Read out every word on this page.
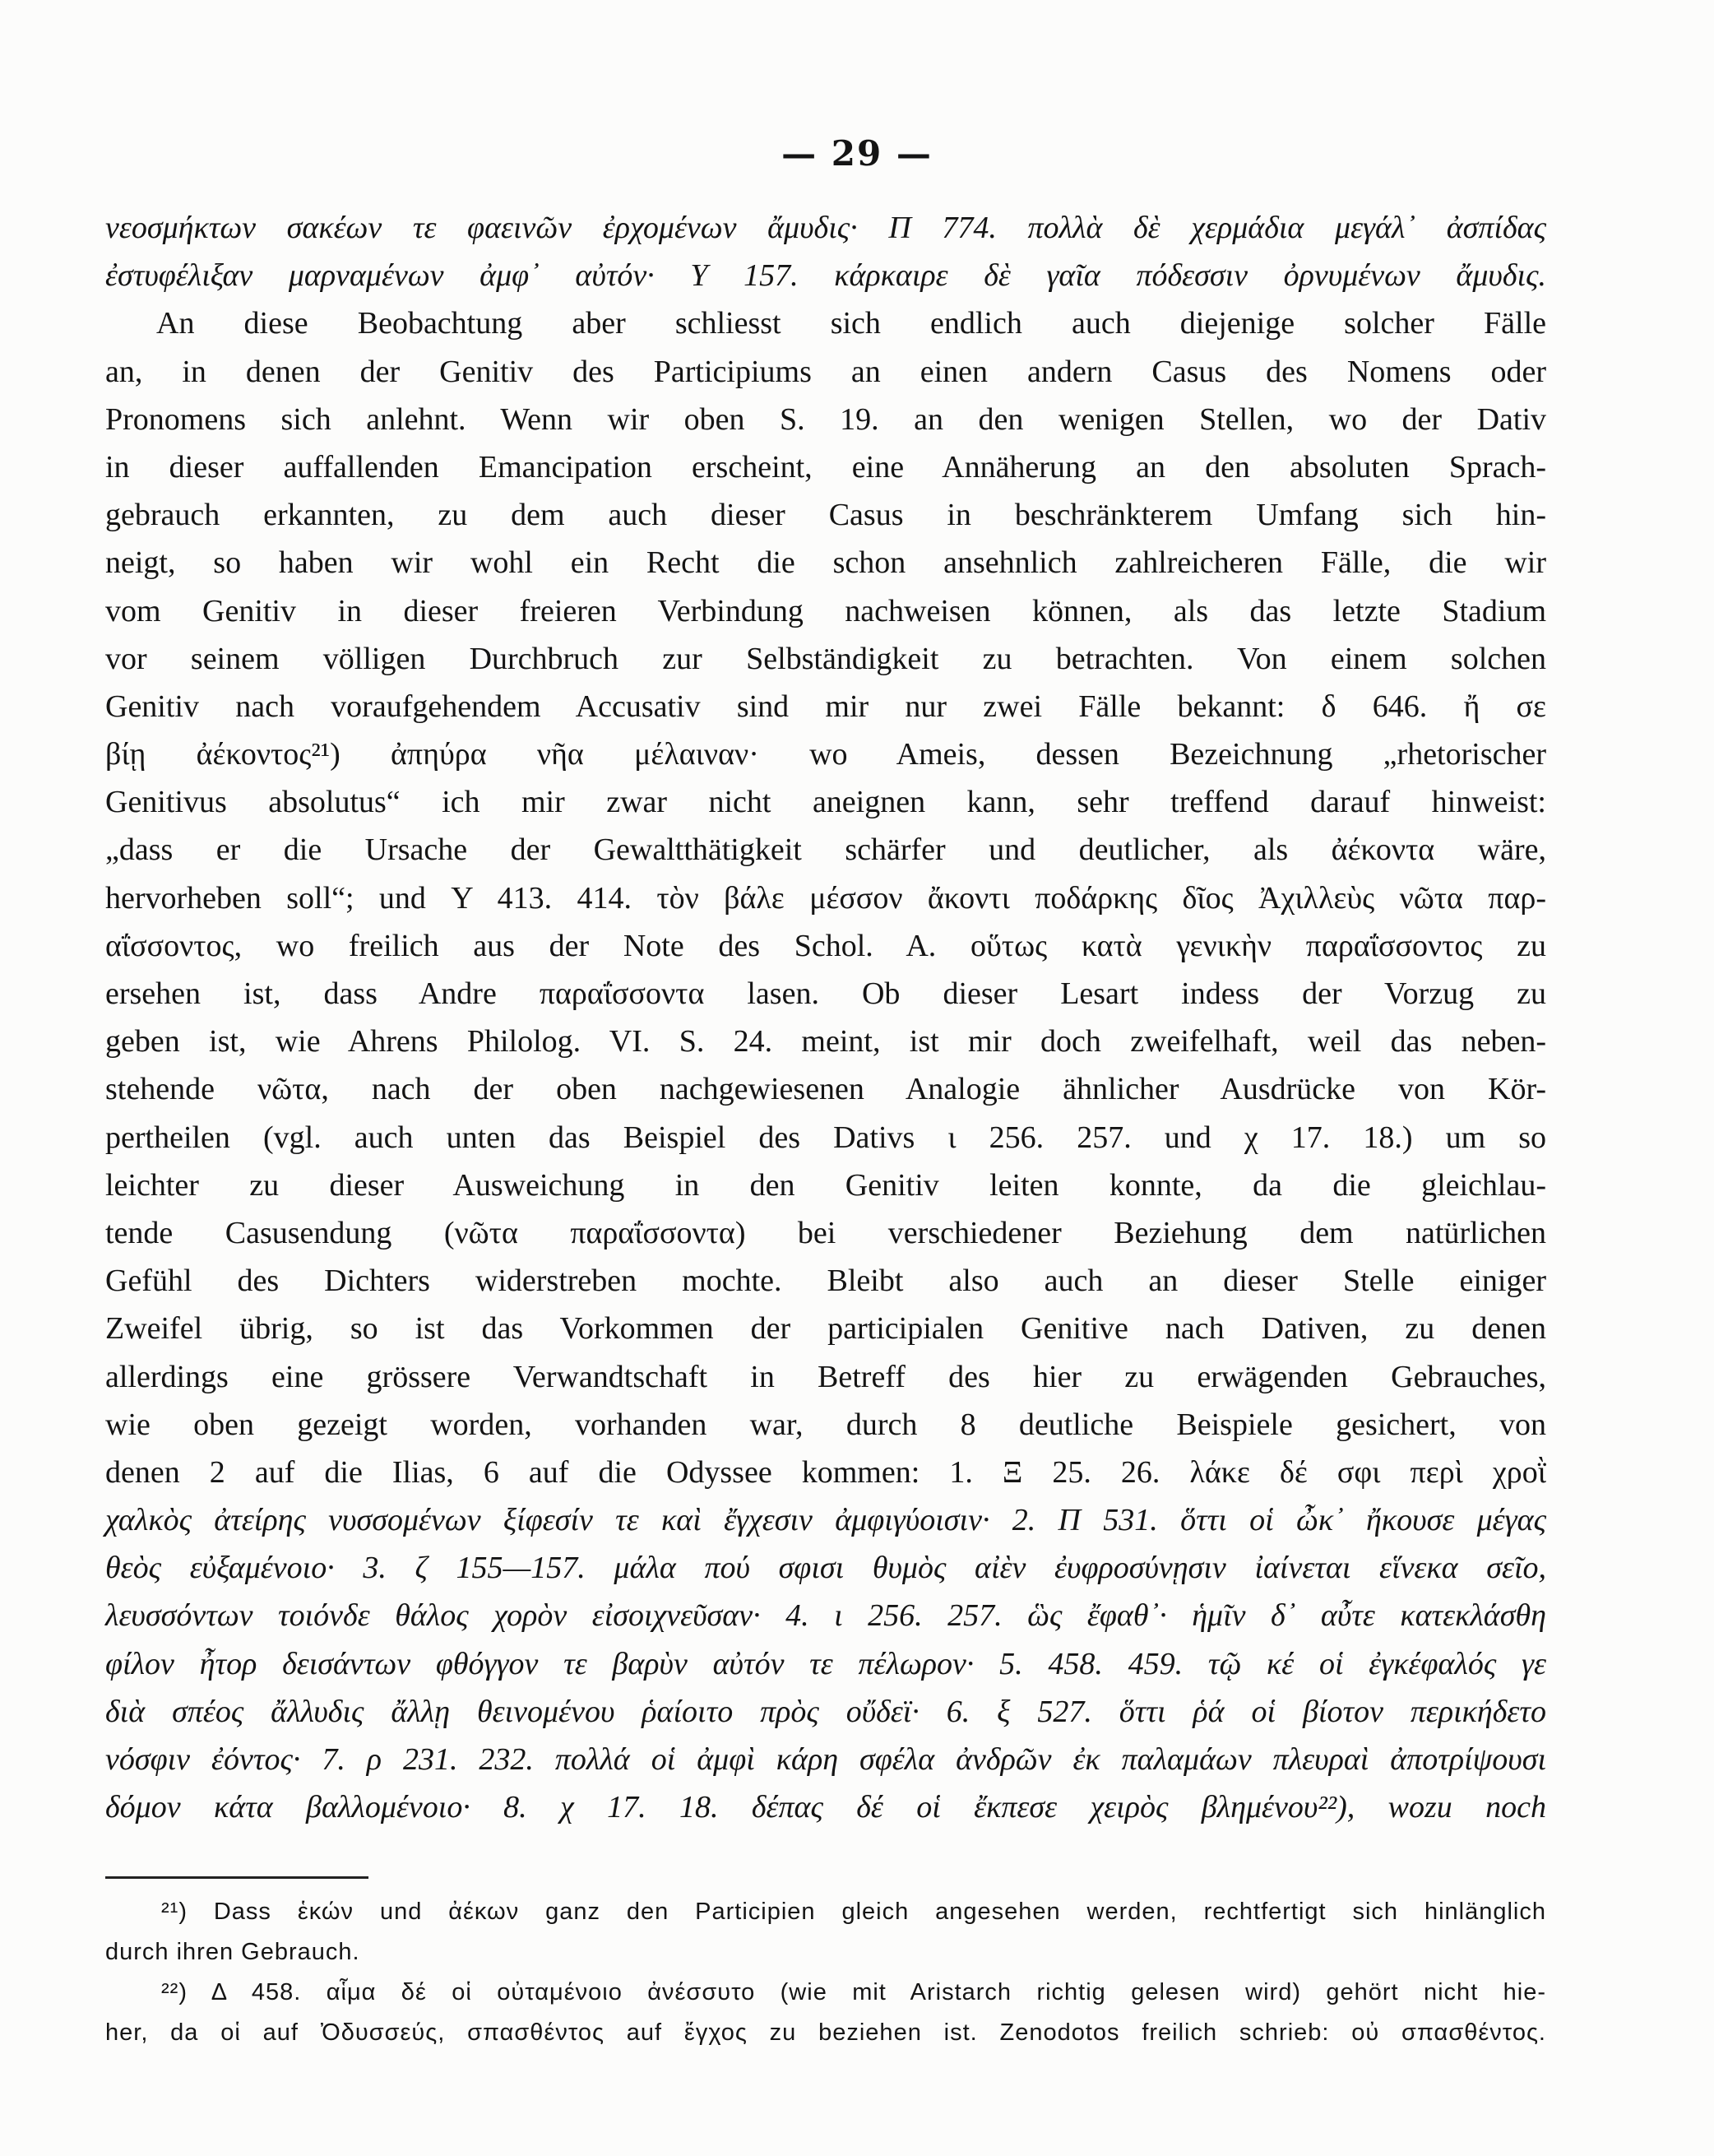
— 29 —
νεοσμήκτων σακέων τε φαεινῶν ἐρχομένων ἄμυδις· Π 774. πολλὰ δὲ χερμάδια μεγάλ᾽ ἀσπίδας
ἐστυφέλιξαν μαρναμένων ἀμφ᾽ αὐτόν· Υ 157. κάρκαιρε δὲ γαῖα πόδεσσιν ὀρνυμένων ἄμυδις.
An diese Beobachtung aber schliesst sich endlich auch diejenige solcher Fälle
an, in denen der Genitiv des Participiums an einen andern Casus des Nomens oder
Pronomens sich anlehnt. Wenn wir oben S. 19. an den wenigen Stellen, wo der Dativ
in dieser auffallenden Emancipation erscheint, eine Annäherung an den absoluten Sprach-
gebrauch erkannten, zu dem auch dieser Casus in beschränkterem Umfang sich hin-
neigt, so haben wir wohl ein Recht die schon ansehnlich zahlreicheren Fälle, die wir
vom Genitiv in dieser freieren Verbindung nachweisen können, als das letzte Stadium
vor seinem völligen Durchbruch zur Selbständigkeit zu betrachten. Von einem solchen
Genitiv nach voraufgehendem Accusativ sind mir nur zwei Fälle bekannt: δ 646. ἤ σε
βίῃ ἀέκοντος²¹) ἀπηύρα νῆα μέλαιναν· wo Ameis, dessen Bezeichnung „rhetorischer
Genitivus absolutus“ ich mir zwar nicht aneignen kann, sehr treffend darauf hinweist:
„dass er die Ursache der Gewaltthätigkeit schärfer und deutlicher, als ἀέκοντα wäre,
hervorheben soll“; und Υ 413. 414. τὸν βάλε μέσσον ἄκοντι ποδάρκης δῖος Ἀχιλλεὺς νῶτα παρ-
αΐσσοντος, wo freilich aus der Note des Schol. A. οὕτως κατὰ γενικὴν παραΐσσοντος zu
ersehen ist, dass Andre παραΐσσοντα lasen. Ob dieser Lesart indess der Vorzug zu
geben ist, wie Ahrens Philolog. VI. S. 24. meint, ist mir doch zweifelhaft, weil das neben-
stehende νῶτα, nach der oben nachgewiesenen Analogie ähnlicher Ausdrücke von Kör-
pertheilen (vgl. auch unten das Beispiel des Dativs ι 256. 257. und χ 17. 18.) um so
leichter zu dieser Ausweichung in den Genitiv leiten konnte, da die gleichlau-
tende Casusendung (νῶτα παραΐσσοντα) bei verschiedener Beziehung dem natürlichen
Gefühl des Dichters widerstreben mochte. Bleibt also auch an dieser Stelle einiger
Zweifel übrig, so ist das Vorkommen der participialen Genitive nach Dativen, zu denen
allerdings eine grössere Verwandtschaft in Betreff des hier zu erwägenden Gebrauches,
wie oben gezeigt worden, vorhanden war, durch 8 deutliche Beispiele gesichert, von
denen 2 auf die Ilias, 6 auf die Odyssee kommen: 1. Ξ 25. 26. λάκε δέ σφι περὶ χροῒ
χαλκὸς ἀτείρης νυσσομένων ξίφεσίν τε καὶ ἔγχεσιν ἀμφιγύοισιν· 2. Π 531. ὅττι οἱ ὦκ᾽ ἤκουσε μέγας
θεὸς εὐξαμένοιο· 3. ζ 155—157. μάλα πού σφισι θυμὸς αἰὲν ἐυφροσύνῃσιν ἰαίνεται εἵνεκα σεῖο,
λευσσόντων τοιόνδε θάλος χορὸν εἰσοιχνεῦσαν· 4. ι 256. 257. ὣς ἔφαθ᾽· ἡμῖν δ᾽ αὖτε κατεκλάσθη
φίλον ἦτορ δεισάντων φθόγγον τε βαρὺν αὐτόν τε πέλωρον· 5. 458. 459. τῷ κέ οἱ ἐγκέφαλός γε
διὰ σπέος ἄλλυδις ἄλλῃ θεινομένου ῥαίοιτο πρὸς οὔδεϊ· 6. ξ 527. ὅττι ῥά οἱ βίοτον περικήδετο
νόσφιν ἐόντος· 7. ρ 231. 232. πολλά οἱ ἀμφὶ κάρη σφέλα ἀνδρῶν ἐκ παλαμάων πλευραὶ ἀποτρίψουσι
δόμον κάτα βαλλομένοιο· 8. χ 17. 18. δέπας δέ οἱ ἔκπεσε χειρὸς βλημένου²²), wozu noch
²¹) Dass ἑκών und ἀέκων ganz den Participien gleich angesehen werden, rechtfertigt sich hinlänglich
durch ihren Gebrauch.
²²) Δ 458. αἷμα δέ οἱ οὐταμένοιο ἀνέσσυτο (wie mit Aristarch richtig gelesen wird) gehört nicht hie-
her, da οἱ auf Ὀδυσσεύς, σπασθέντος auf ἔγχος zu beziehen ist. Zenodotos freilich schrieb: οὐ σπασθέντος.
